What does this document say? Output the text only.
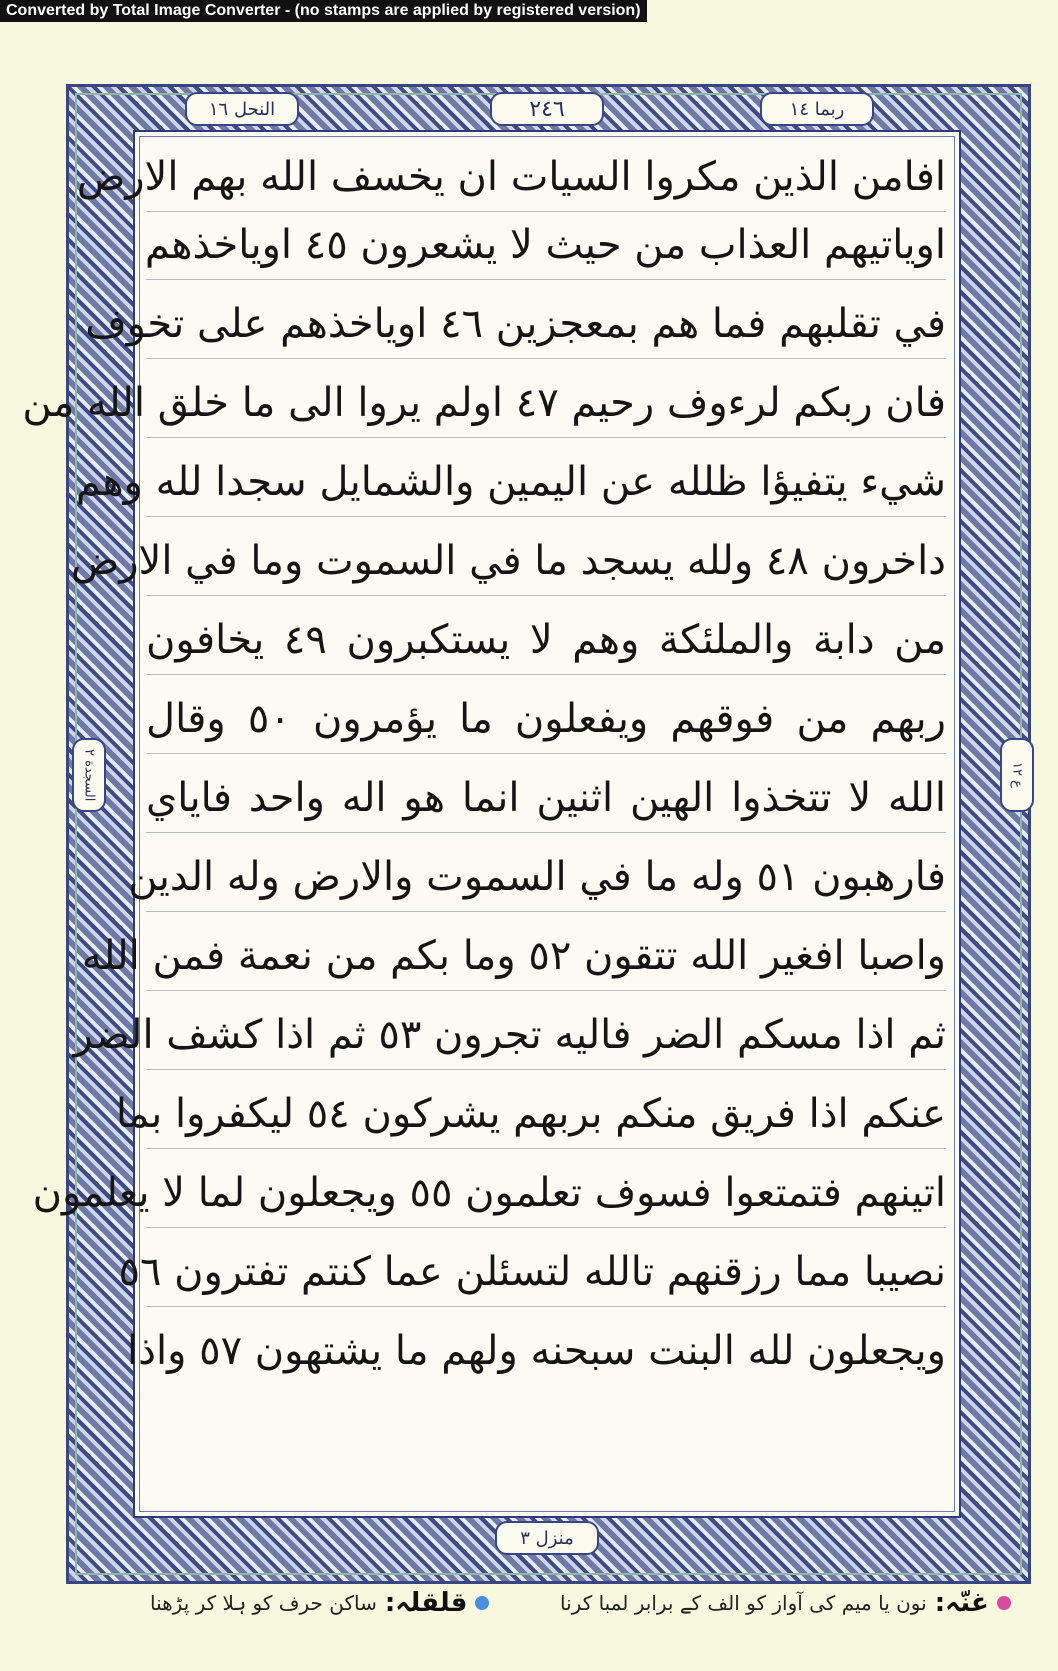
Converted by Total Image Converter - (no stamps are applied by registered version)
النحل ١٦	٢٤٦	ربما ١٤
منزل ٣
السجدة ٢	ع ١٢
افامن الذين مكروا السيات ان يخسف الله بهم الارض
اوياتيهم العذاب من حيث لا يشعرون ٤٥ اوياخذهم
في تقلبهم فما هم بمعجزين ٤٦ اوياخذهم على تخوف
فان ربكم لرءوف رحيم ٤٧ اولم يروا الى ما خلق الله من
شيء يتفيؤا ظلله عن اليمين والشمايل سجدا لله وهم
داخرون ٤٨ ولله يسجد ما في السموت وما في الارض
من دابة والملئكة وهم لا يستكبرون ٤٩ يخافون
ربهم من فوقهم ويفعلون ما يؤمرون ٥٠ وقال
الله لا تتخذوا الهين اثنين انما هو اله واحد فاياي
فارهبون ٥١ وله ما في السموت والارض وله الدين
واصبا افغير الله تتقون ٥٢ وما بكم من نعمة فمن الله
ثم اذا مسكم الضر فاليه تجرون ٥٣ ثم اذا كشف الضر
عنكم اذا فريق منكم بربهم يشركون ٥٤ ليكفروا بما
اتينهم فتمتعوا فسوف تعلمون ٥٥ ويجعلون لما لا يعلمون
نصيبا مما رزقنهم تالله لتسئلن عما كنتم تفترون ٥٦
ويجعلون لله البنت سبحنه ولهم ما يشتهون ٥٧ واذا
غنّہ:
نون یا میم کی آواز کو الف کے برابر لمبا کرنا
قلقلہ:
ساکن حرف کو ہلا کر پڑھنا
